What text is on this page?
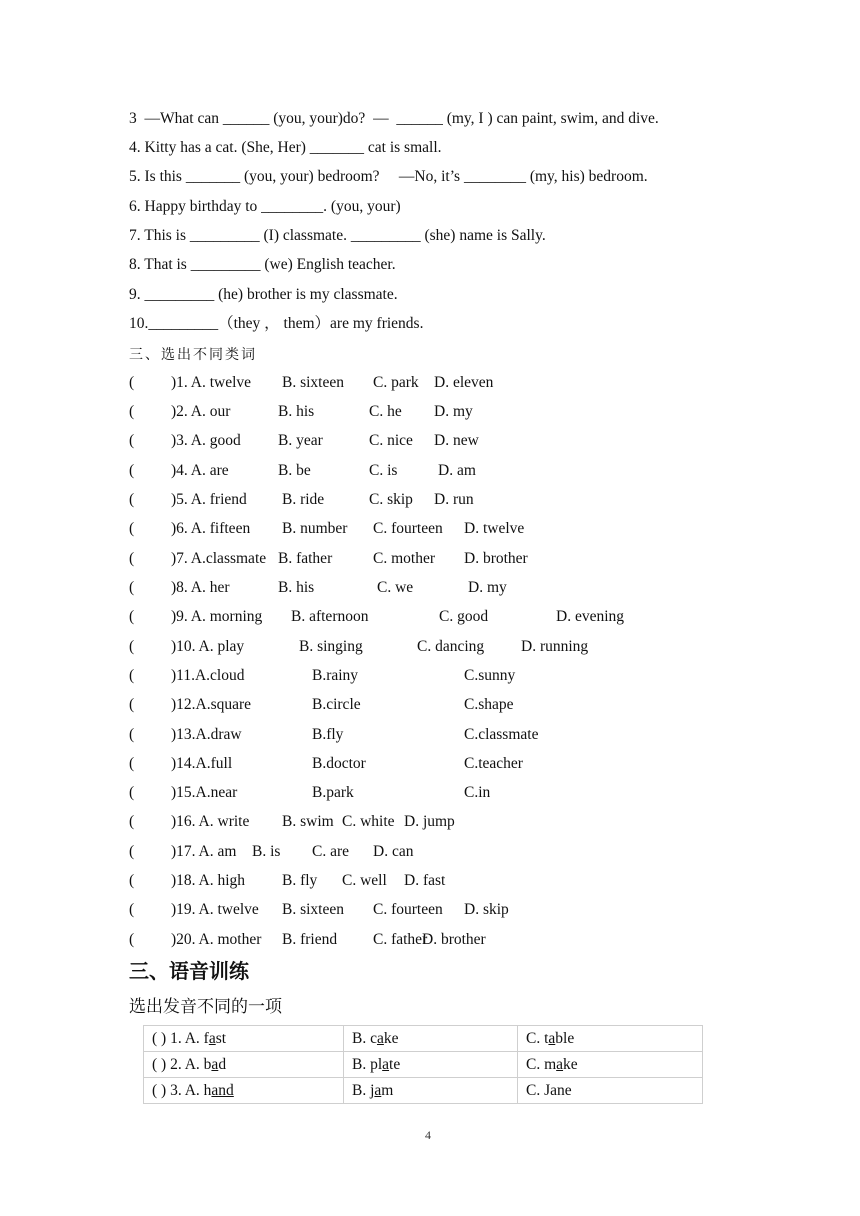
3  —What can ______ (you, your)do?  —  ______ (my, I ) can paint, swim, and dive.
4. Kitty has a cat. (She, Her) _______ cat is small.
5. Is this _______ (you, your) bedroom?     —No, it’s ________ (my, his) bedroom.
6. Happy birthday to ________. (you, your)
7. This is _________ (I) classmate. _________ (she) name is Sally.
8. That is _________ (we) English teacher.
9. _________ (he) brother is my classmate.
10._________（they ， them）are my friends.
三、选出不同类词
( )1. A. twelve B. sixteen C. park D. eleven
( )2. A. our	B. his	C. he D. my
( )3. A. good B. year	C. nice D. new
( )4. A. are	B. be	C. is	D. am
( )5. A. friend B. ride	C. skip D. run
( )6. A. fifteen B. number C. fourteen D. twelve
( )7. A.classmate B. father	C. mother D. brother
( )8. A. her	B. his	C. we	D. my
( )9. A. morning B. afternoon	C. good	D. evening
( )10. A. play	B. singing	C. dancing D. running
( )11.A.cloud	B.rainy	C.sunny
( )12.A.square	B.circle	C.shape
( )13.A.draw	B.fly	C.classmate
( )14.A.full	B.doctor	C.teacher
( )15.A.near	B.park	C.in
( )16. A. write B. swim C. white D. jump
( )17. A. am B. is C. are D. can
( )18. A. high B. fly C. well D. fast
( )19. A. twelve B. sixteen C. fourteen D. skip
( )20. A. mother B. friend C. father
D. brother
三、语音训练
选出发音不同的一项
( ) 1. A. fast	B. cake	C. table
( ) 2. A. bad	B. plate	C. make
( ) 3. A. hand	B. jam	C. Jane
4
